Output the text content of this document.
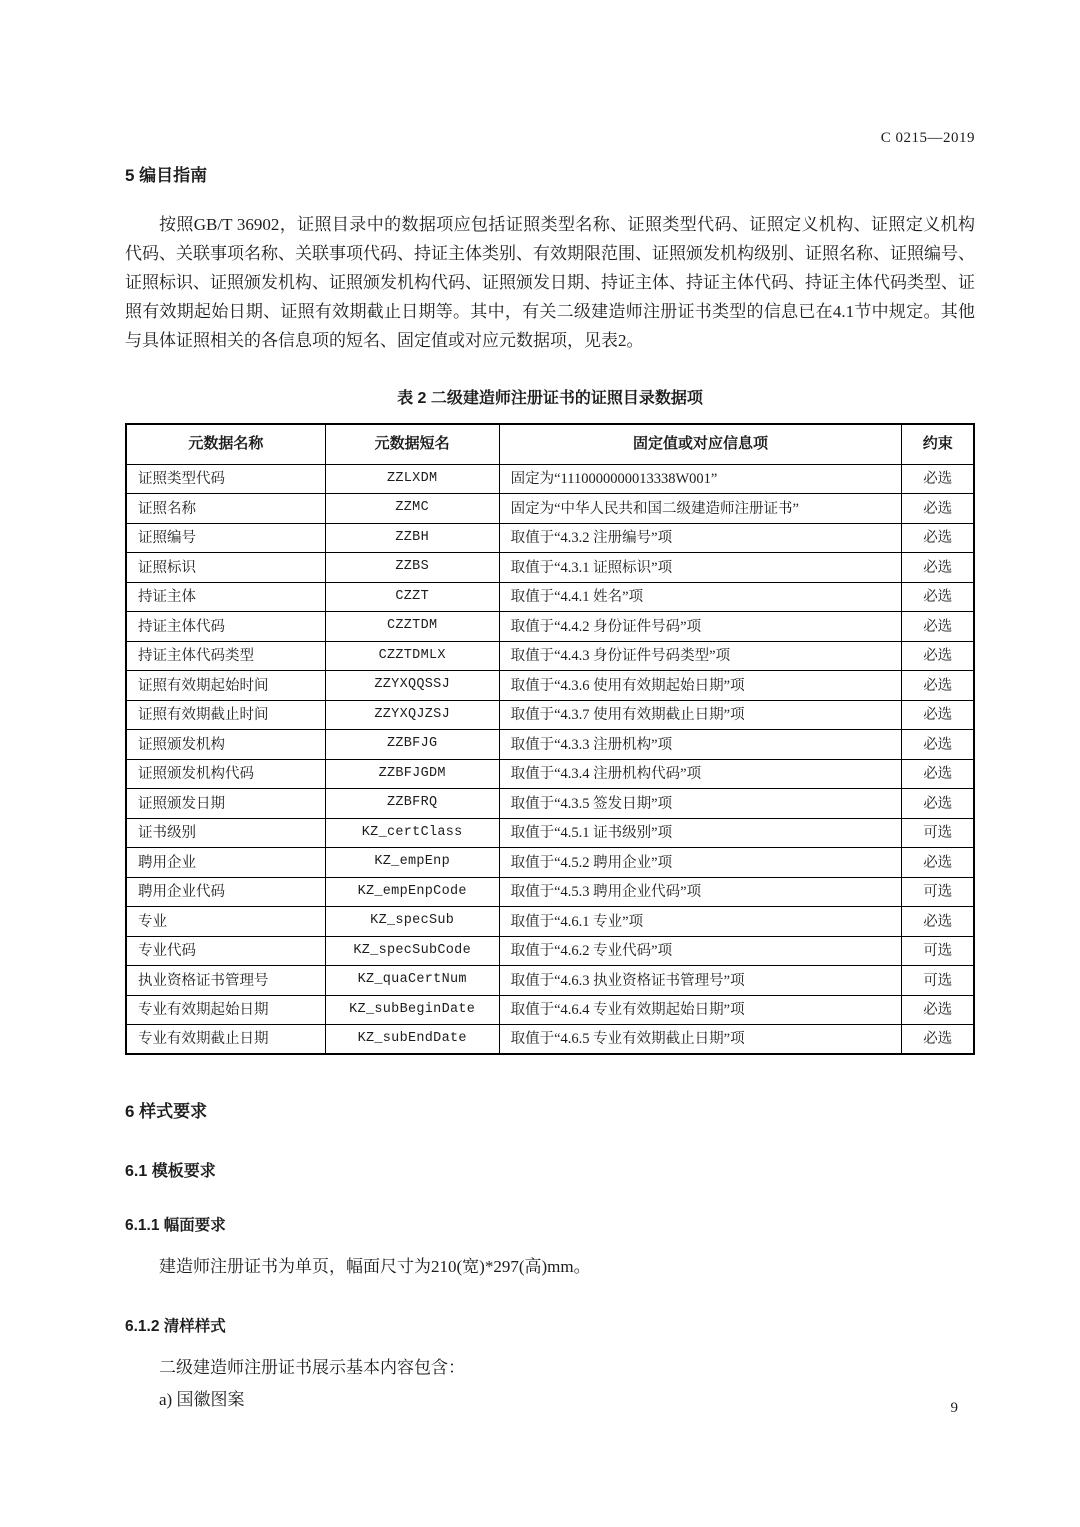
C 0215—2019
5 编目指南
按照GB/T 36902，证照目录中的数据项应包括证照类型名称、证照类型代码、证照定义机构、证照定义机构代码、关联事项名称、关联事项代码、持证主体类别、有效期限范围、证照颁发机构级别、证照名称、证照编号、证照标识、证照颁发机构、证照颁发机构代码、证照颁发日期、持证主体、持证主体代码、持证主体代码类型、证照有效期起始日期、证照有效期截止日期等。其中，有关二级建造师注册证书类型的信息已在4.1节中规定。其他与具体证照相关的各信息项的短名、固定值或对应元数据项，见表2。
表 2 二级建造师注册证书的证照目录数据项
元数据名称	元数据短名	固定值或对应信息项	约束
证照类型代码	ZZLXDM	固定为“1110000000013338W001”	必选
证照名称	ZZMC	固定为“中华人民共和国二级建造师注册证书”	必选
证照编号	ZZBH	取值于“4.3.2 注册编号”项	必选
证照标识	ZZBS	取值于“4.3.1 证照标识”项	必选
持证主体	CZZT	取值于“4.4.1 姓名”项	必选
持证主体代码	CZZTDM	取值于“4.4.2 身份证件号码”项	必选
持证主体代码类型	CZZTDMLX	取值于“4.4.3 身份证件号码类型”项	必选
证照有效期起始时间	ZZYXQQSSJ	取值于“4.3.6 使用有效期起始日期”项	必选
证照有效期截止时间	ZZYXQJZSJ	取值于“4.3.7 使用有效期截止日期”项	必选
证照颁发机构	ZZBFJG	取值于“4.3.3 注册机构”项	必选
证照颁发机构代码	ZZBFJGDM	取值于“4.3.4 注册机构代码”项	必选
证照颁发日期	ZZBFRQ	取值于“4.3.5 签发日期”项	必选
证书级别	KZ_certClass	取值于“4.5.1 证书级别”项	可选
聘用企业	KZ_empEnp	取值于“4.5.2 聘用企业”项	必选
聘用企业代码	KZ_empEnpCode	取值于“4.5.3 聘用企业代码”项	可选
专业	KZ_specSub	取值于“4.6.1 专业”项	必选
专业代码	KZ_specSubCode	取值于“4.6.2 专业代码”项	可选
执业资格证书管理号	KZ_quaCertNum	取值于“4.6.3 执业资格证书管理号”项	可选
专业有效期起始日期	KZ_subBeginDate	取值于“4.6.4 专业有效期起始日期”项	必选
专业有效期截止日期	KZ_subEndDate	取值于“4.6.5 专业有效期截止日期”项	必选
6 样式要求
6.1 模板要求
6.1.1 幅面要求
建造师注册证书为单页，幅面尺寸为210(宽)*297(高)mm。
6.1.2 清样样式
二级建造师注册证书展示基本内容包含：
a) 国徽图案	9
